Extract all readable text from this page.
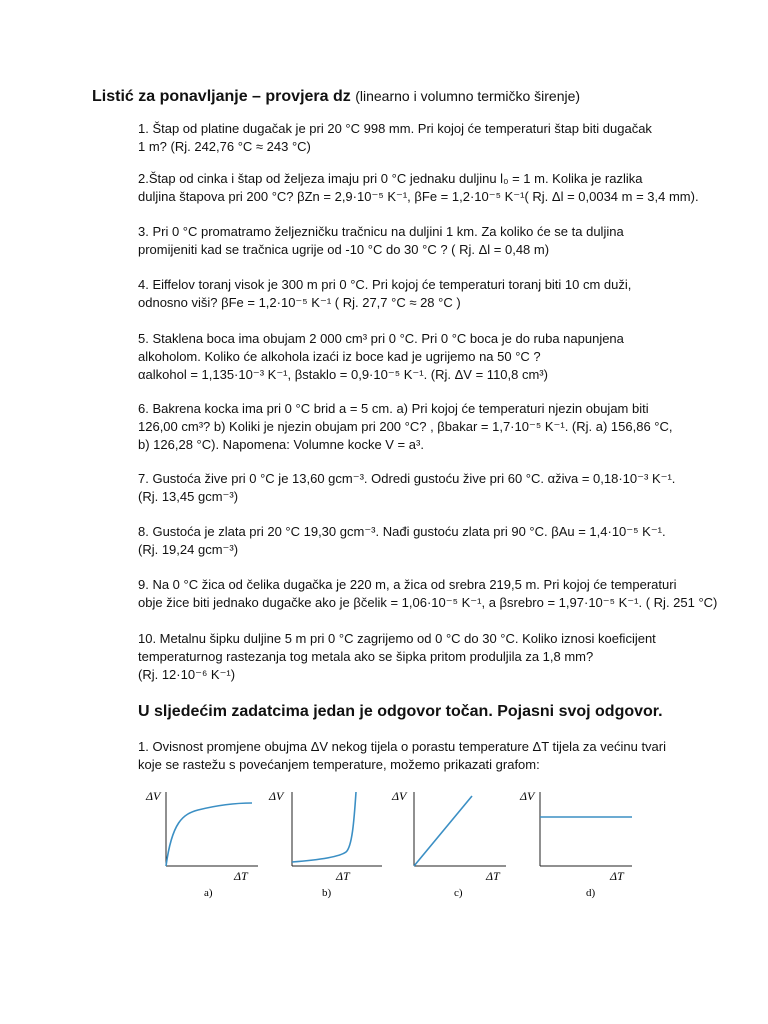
Listić za ponavljanje – provjera dz (linearno i volumno termičko širenje)

1. Štap od platine dugačak je pri 20 °C 998 mm. Pri kojoj će temperaturi štap biti dugačak

1 m? (Rj. 242,76 °C ≈ 243 °C)

2.Štap od cinka i štap od željeza imaju pri 0 °C jednaku duljinu l₀ = 1 m. Kolika je razlika

duljina štapova pri 200 °C? βZn = 2,9·10⁻⁵ K⁻¹, βFe = 1,2·10⁻⁵ K⁻¹( Rj. Δl = 0,0034 m = 3,4 mm).

3. Pri 0 °C promatramo željezničku tračnicu na duljini 1 km. Za koliko će se ta duljina

promijeniti kad se tračnica ugrije od -10 °C do 30 °C ? ( Rj. Δl = 0,48 m)

4. Eiffelov toranj visok je 300 m pri 0 °C. Pri kojoj će temperaturi toranj biti 10 cm duži,

odnosno viši? βFe = 1,2·10⁻⁵ K⁻¹ ( Rj. 27,7 °C ≈ 28 °C )

5. Staklena boca ima obujam 2 000 cm³ pri 0 °C. Pri 0 °C boca je do ruba napunjena

alkoholom. Koliko će alkohola izaći iz boce kad je ugrijemo na 50 °C ?

αalkohol = 1,135·10⁻³ K⁻¹, βstaklo = 0,9·10⁻⁵ K⁻¹. (Rj. ΔV = 110,8 cm³)

6. Bakrena kocka ima pri 0 °C brid a = 5 cm. a) Pri kojoj će temperaturi njezin obujam biti

126,00 cm³? b) Koliki je njezin obujam pri 200 °C? , βbakar = 1,7·10⁻⁵ K⁻¹. (Rj. a) 156,86 °C,

b) 126,28 °C). Napomena: Volumne kocke V = a³.

7. Gustoća žive pri 0 °C je 13,60 gcm⁻³. Odredi gustoću žive pri 60 °C. αživa = 0,18·10⁻³ K⁻¹.

(Rj. 13,45 gcm⁻³)

8. Gustoća je zlata pri 20 °C 19,30 gcm⁻³. Nađi gustoću zlata pri 90 °C. βAu = 1,4·10⁻⁵ K⁻¹.

(Rj. 19,24 gcm⁻³)

9. Na 0 °C žica od čelika dugačka je 220 m, a žica od srebra 219,5 m. Pri kojoj će temperaturi

obje žice biti jednako dugačke ako je βčelik = 1,06·10⁻⁵ K⁻¹, a βsrebro = 1,97·10⁻⁵ K⁻¹. ( Rj. 251 °C)

10. Metalnu šipku duljine 5 m pri 0 °C zagrijemo od 0 °C do 30 °C. Koliko iznosi koeficijent

temperaturnog rastezanja tog metala ako se šipka pritom produljila za 1,8 mm?

(Rj. 12·10⁻⁶ K⁻¹)

U sljedećim zadatcima jedan je odgovor točan. Pojasni svoj odgovor.

1. Ovisnost promjene obujma ΔV nekog tijela o porastu temperature ΔT tijela za većinu tvari

koje se rastežu s povećanjem temperature, možemo prikazati grafom:

ΔV
ΔT
a)
ΔV
ΔT
b)
ΔV
ΔT
c)
ΔV
ΔT
d)
